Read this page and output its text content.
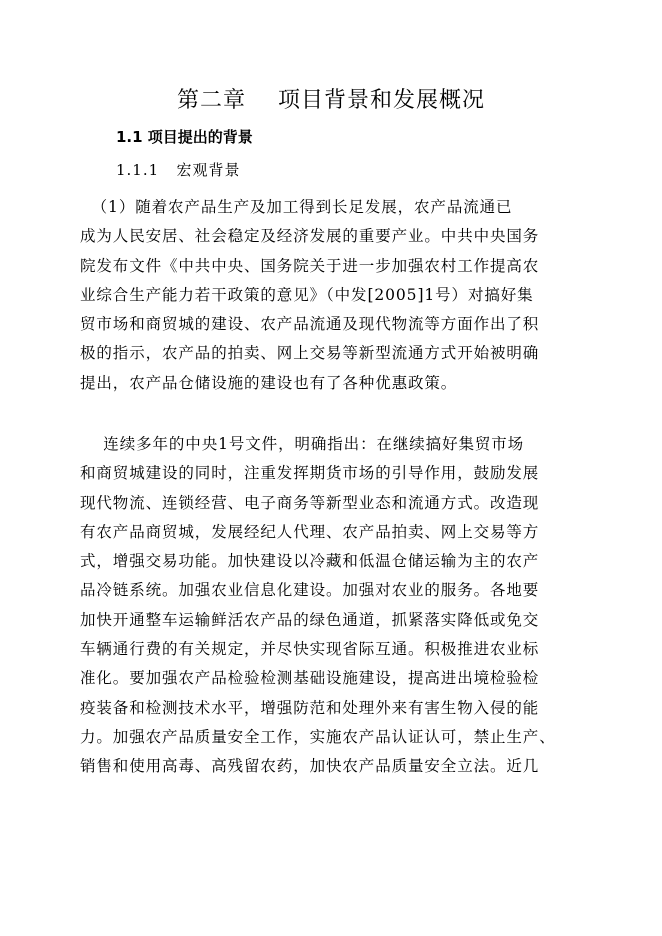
第二章    项目背景和发展概况
1.1 项目提出的背景
1.1.1   宏观背景
（1）随着农产品生产及加工得到长足发展，农产品流通已
成为人民安居、社会稳定及经济发展的重要产业。中共中央国务
院发布文件《中共中央、国务院关于进一步加强农村工作提高农
业综合生产能力若干政策的意见》（中发[2005]1号）对搞好集
贸市场和商贸城的建设、农产品流通及现代物流等方面作出了积
极的指示，农产品的拍卖、网上交易等新型流通方式开始被明确
提出，农产品仓储设施的建设也有了各种优惠政策。
连续多年的中央1号文件，明确指出：在继续搞好集贸市场
和商贸城建设的同时，注重发挥期货市场的引导作用，鼓励发展
现代物流、连锁经营、电子商务等新型业态和流通方式。改造现
有农产品商贸城，发展经纪人代理、农产品拍卖、网上交易等方
式，增强交易功能。加快建设以冷藏和低温仓储运输为主的农产
品冷链系统。加强农业信息化建设。加强对农业的服务。各地要
加快开通整车运输鲜活农产品的绿色通道，抓紧落实降低或免交
车辆通行费的有关规定，并尽快实现省际互通。积极推进农业标
准化。要加强农产品检验检测基础设施建设，提高进出境检验检
疫装备和检测技术水平，增强防范和处理外来有害生物入侵的能
力。加强农产品质量安全工作，实施农产品认证认可，禁止生产、
销售和使用高毒、高残留农药，加快农产品质量安全立法。近几
